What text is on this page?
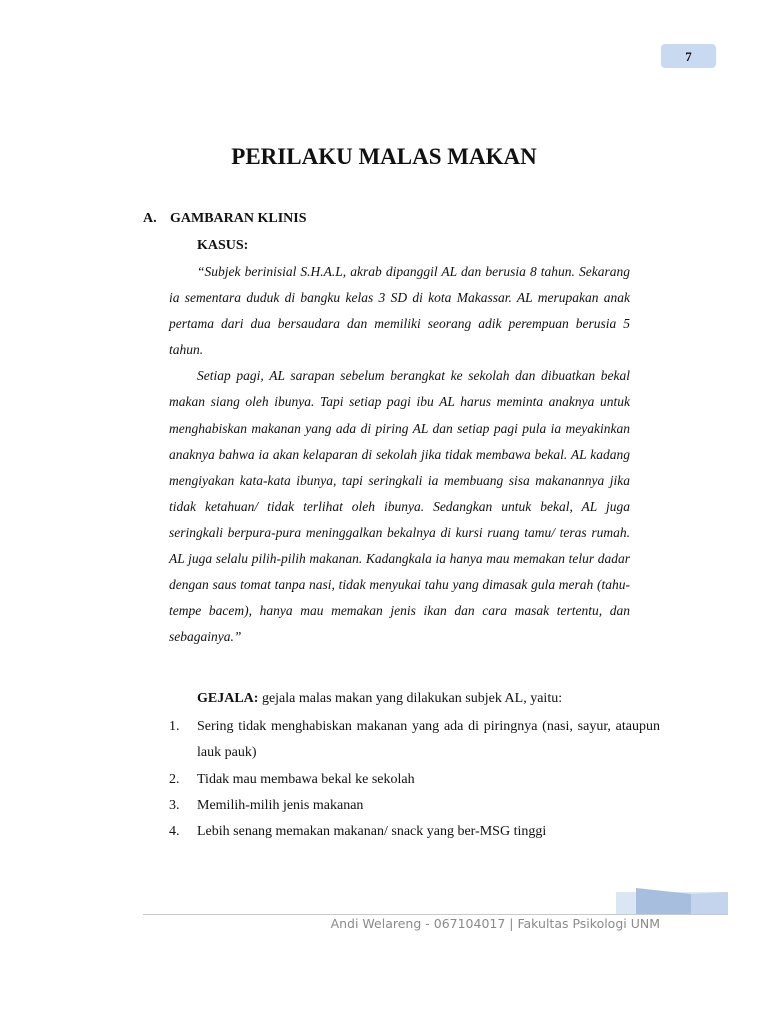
7
PERILAKU MALAS MAKAN
A. GAMBARAN KLINIS
KASUS:

“Subjek berinisial S.H.A.L, akrab dipanggil AL dan berusia 8 tahun. Sekarang ia sementara duduk di bangku kelas 3 SD di kota Makassar. AL merupakan anak pertama dari dua bersaudara dan memiliki seorang adik perempuan berusia 5 tahun.

Setiap pagi, AL sarapan sebelum berangkat ke sekolah dan dibuatkan bekal makan siang oleh ibunya. Tapi setiap pagi ibu AL harus meminta anaknya untuk menghabiskan makanan yang ada di piring AL dan setiap pagi pula ia meyakinkan anaknya bahwa ia akan kelaparan di sekolah jika tidak membawa bekal. AL kadang mengiyakan kata-kata ibunya, tapi seringkali ia membuang sisa makanannya jika tidak ketahuan/ tidak terlihat oleh ibunya. Sedangkan untuk bekal, AL juga seringkali berpura-pura meninggalkan bekalnya di kursi ruang tamu/ teras rumah. AL juga selalu pilih-pilih makanan. Kadangkala ia hanya mau memakan telur dadar dengan saus tomat tanpa nasi, tidak menyukai tahu yang dimasak gula merah (tahu-tempe bacem), hanya mau memakan jenis ikan dan cara masak tertentu, dan sebagainya.”

GEJALA: gejala malas makan yang dilakukan subjek AL, yaitu:
1. Sering tidak menghabiskan makanan yang ada di piringnya (nasi, sayur, ataupun lauk pauk)
2. Tidak mau membawa bekal ke sekolah
3. Memilih-milih jenis makanan
4. Lebih senang memakan makanan/ snack yang ber-MSG tinggi
Andi Welareng - 067104017 | Fakultas Psikologi UNM
